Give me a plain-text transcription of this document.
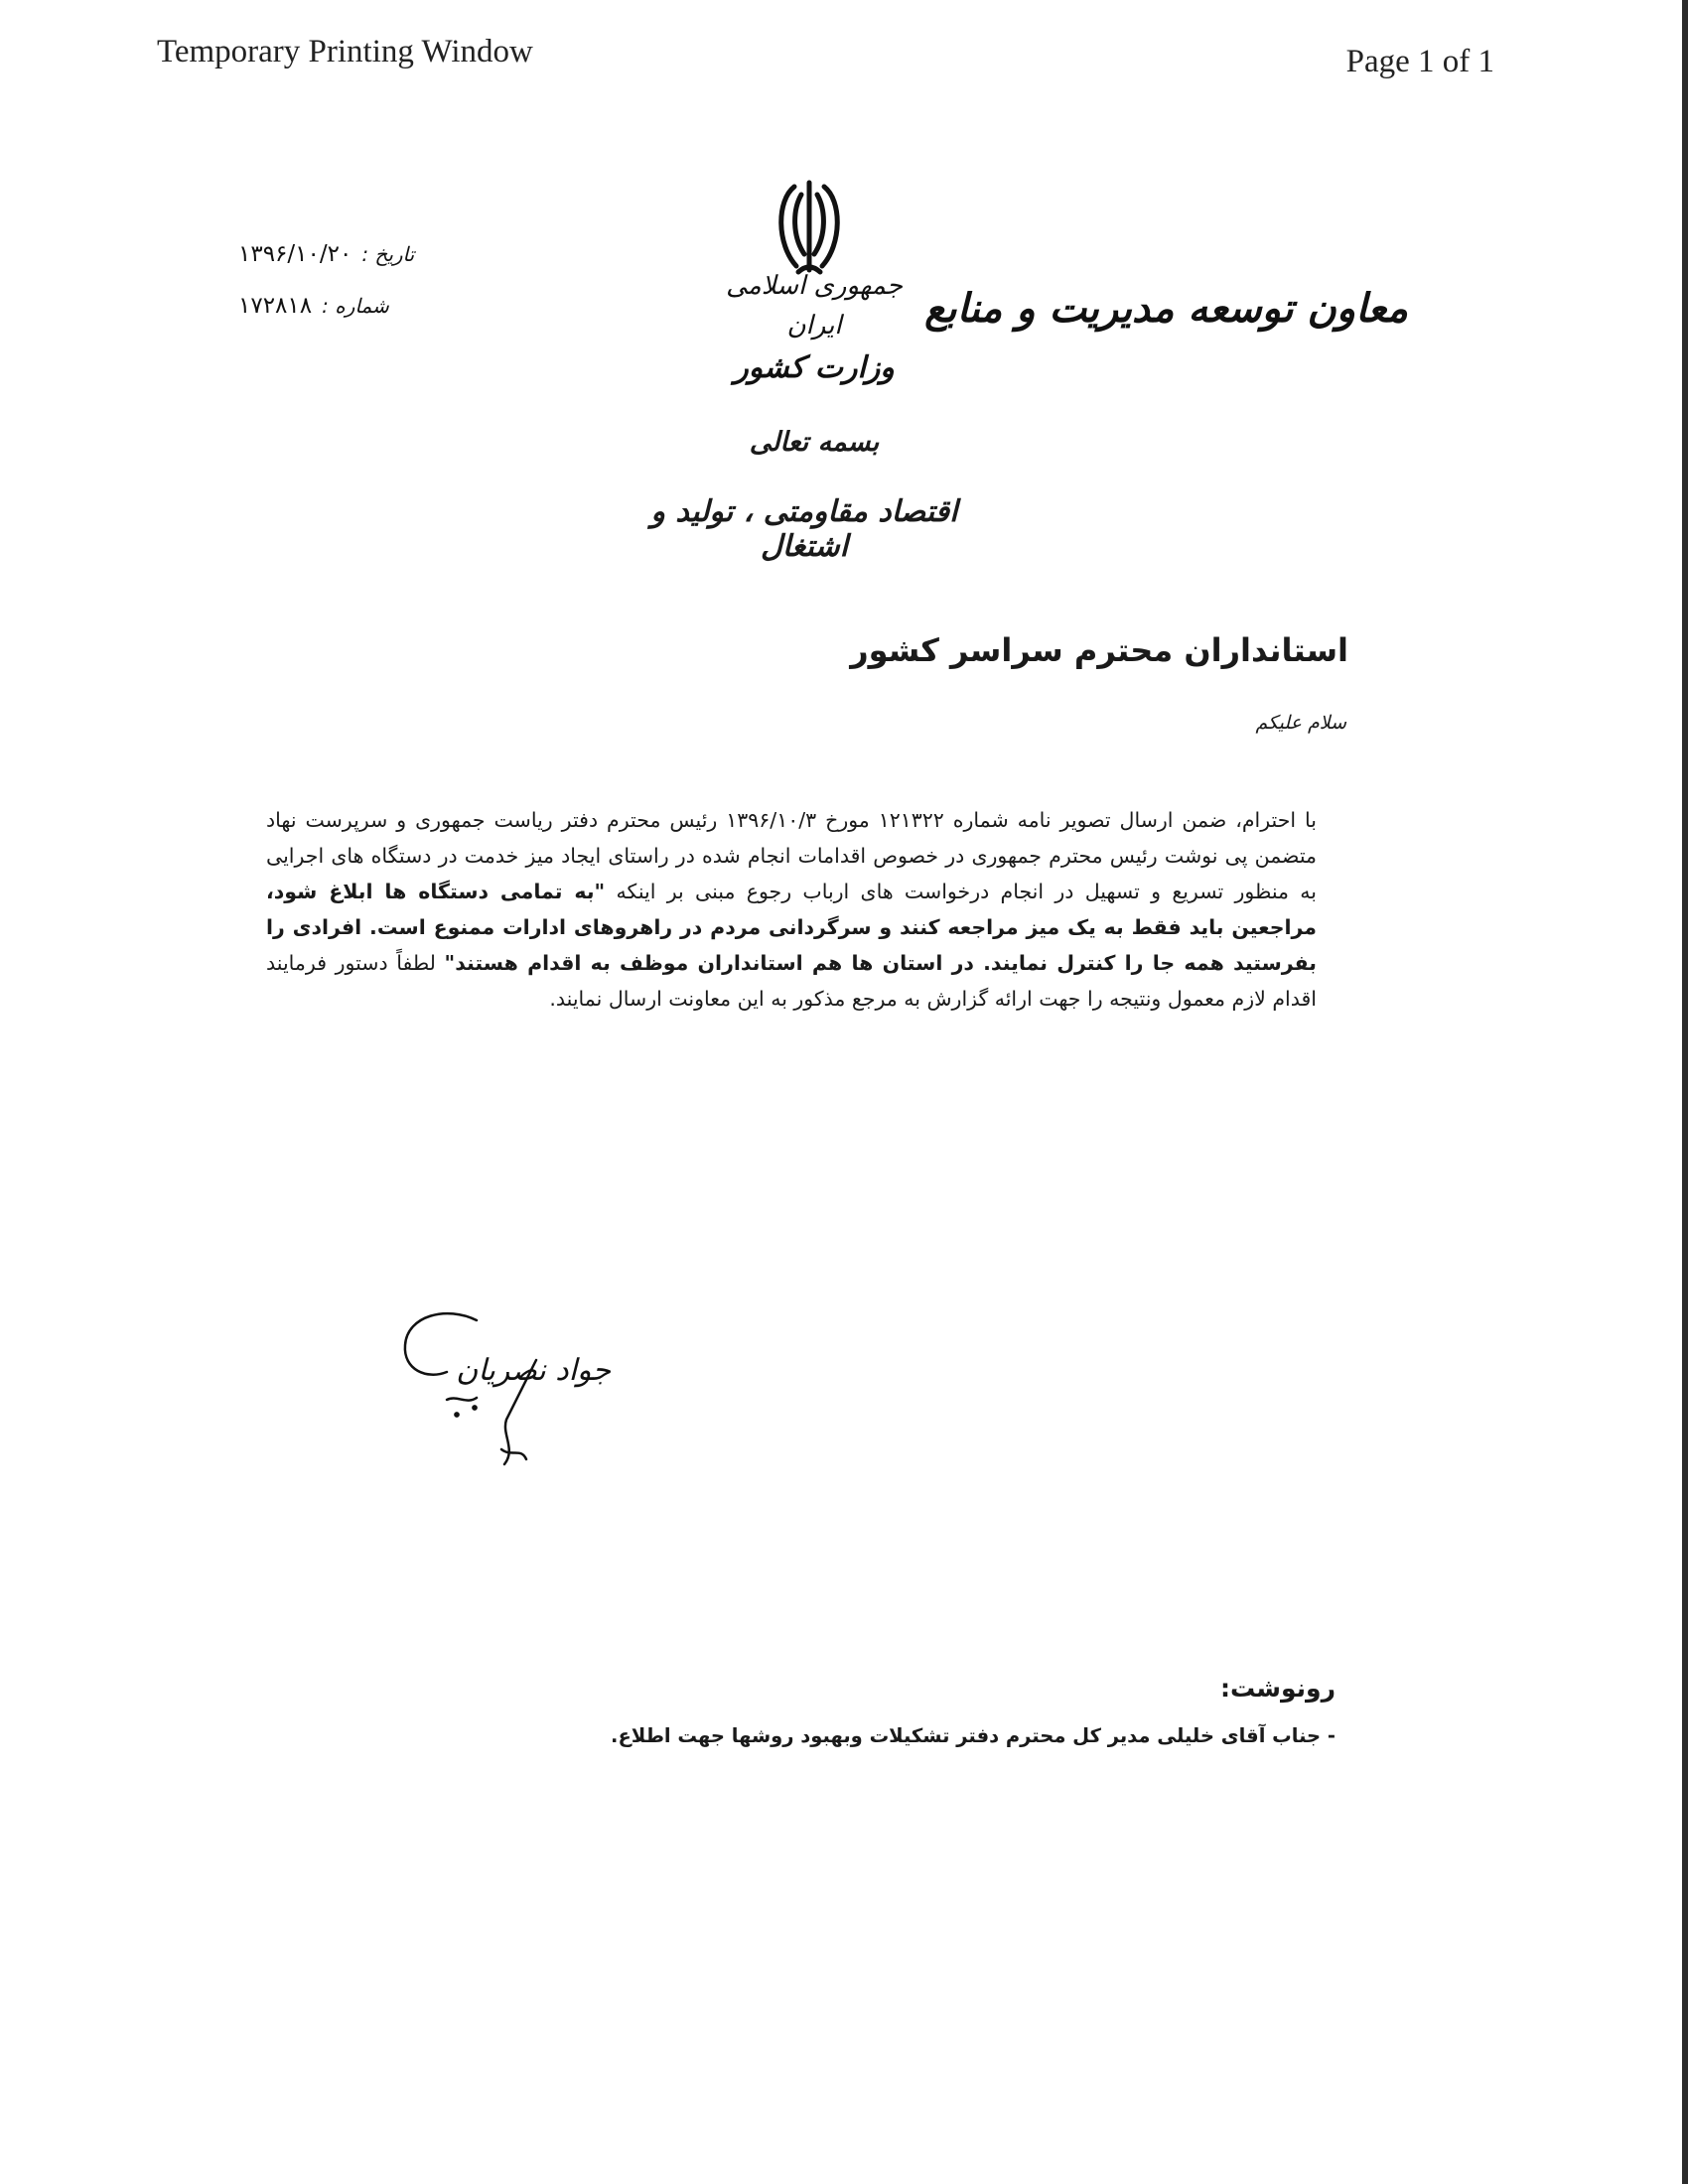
Temporary Printing Window	Page 1 of 1
تاریخ :
۱۳۹۶/۱۰/۲۰
شماره :
۱۷۲۸۱۸
جمهوری اسلامی ایران
وزارت کشور
معاون توسعه مدیریت و منابع
بسمه تعالی
اقتصاد مقاومتی ، تولید و اشتغال
استانداران محترم سراسر کشور
سلام علیکم
با احترام، ضمن ارسال تصویر نامه شماره ۱۲۱۳۲۲ مورخ ۱۳۹۶/۱۰/۳ رئیس محترم دفتر ریاست جمهوری و سرپرست نهاد متضمن پی نوشت رئیس محترم جمهوری در خصوص اقدامات انجام شده در راستای ایجاد میز خدمت در دستگاه های اجرایی به منظور تسریع و تسهیل در انجام درخواست های ارباب رجوع مبنی بر اینکه "به تمامی دستگاه ها ابلاغ شود، مراجعین باید فقط به یک میز مراجعه کنند و سرگردانی مردم در راهروهای ادارات ممنوع است. افرادی را بفرستید همه جا را کنترل نمایند. در استان ها هم استانداران موظف به اقدام هستند" لطفاً دستور فرمایند اقدام لازم معمول ونتیجه را جهت ارائه گزارش به مرجع مذکور به این معاونت ارسال نمایند.
جواد نصریان
رونوشت:
- جناب آقای خلیلی مدیر کل محترم دفتر تشکیلات وبهبود روشها جهت اطلاع.
